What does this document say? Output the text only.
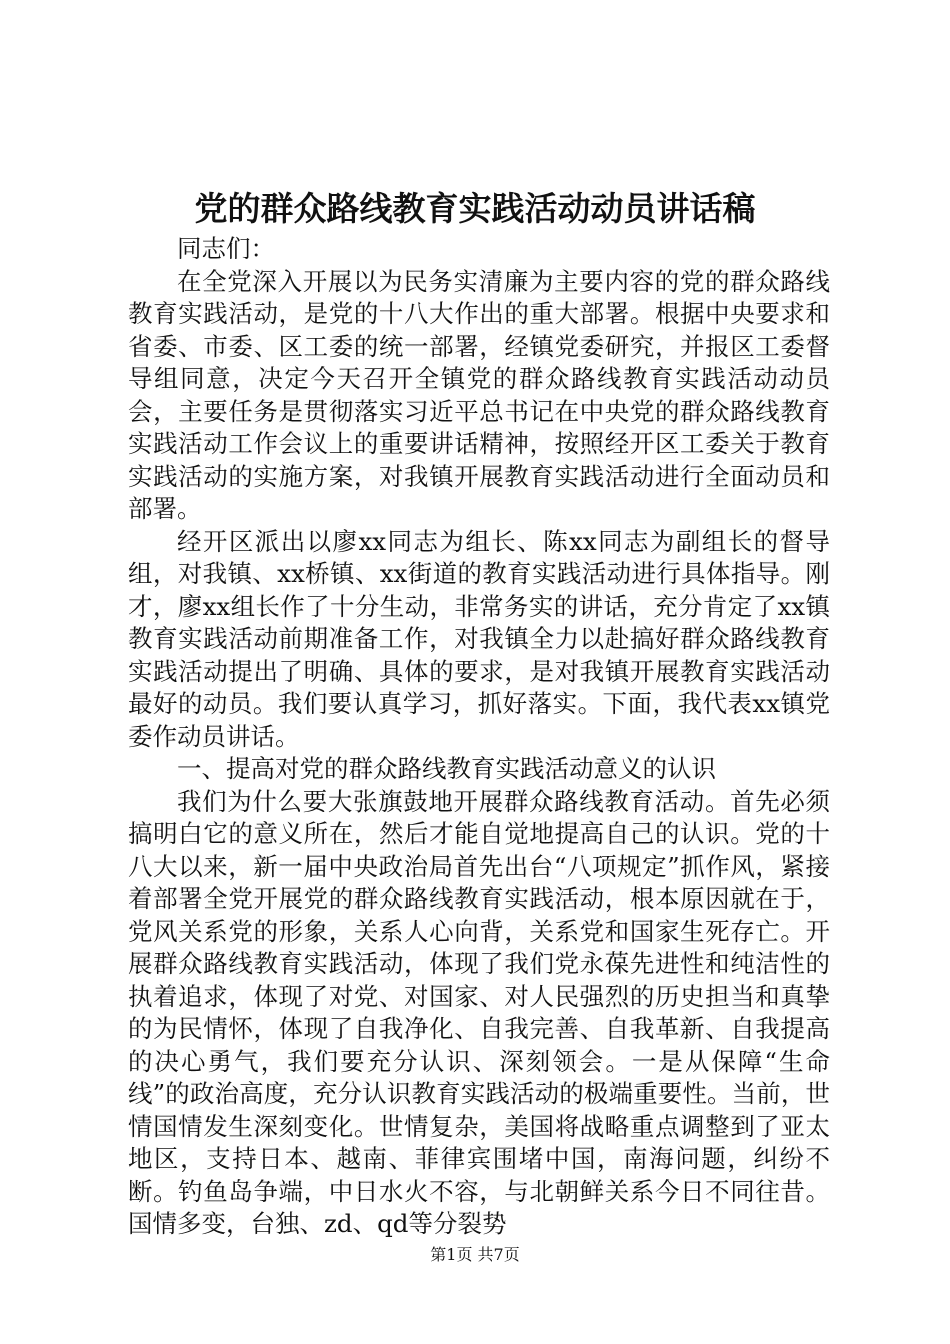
党的群众路线教育实践活动动员讲话稿

同志们：

在全党深入开展以为民务实清廉为主要内容的党的群众路线教育实践活动，是党的十八大作出的重大部署。根据中央要求和省委、市委、区工委的统一部署，经镇党委研究，并报区工委督导组同意，决定今天召开全镇党的群众路线教育实践活动动员会，主要任务是贯彻落实习近平总书记在中央党的群众路线教育实践活动工作会议上的重要讲话精神，按照经开区工委关于教育实践活动的实施方案，对我镇开展教育实践活动进行全面动员和部署。

经开区派出以廖xx同志为组长、陈xx同志为副组长的督导组，对我镇、xx桥镇、xx街道的教育实践活动进行具体指导。刚才，廖xx组长作了十分生动，非常务实的讲话，充分肯定了xx镇教育实践活动前期准备工作，对我镇全力以赴搞好群众路线教育实践活动提出了明确、具体的要求，是对我镇开展教育实践活动最好的动员。我们要认真学习，抓好落实。下面，我代表xx镇党委作动员讲话。

一、提高对党的群众路线教育实践活动意义的认识

我们为什么要大张旗鼓地开展群众路线教育活动。首先必须搞明白它的意义所在，然后才能自觉地提高自己的认识。党的十八大以来，新一届中央政治局首先出台“八项规定”抓作风，紧接着部署全党开展党的群众路线教育实践活动，根本原因就在于，党风关系党的形象，关系人心向背，关系党和国家生死存亡。开展群众路线教育实践活动，体现了我们党永葆先进性和纯洁性的执着追求，体现了对党、对国家、对人民强烈的历史担当和真挚的为民情怀，体现了自我净化、自我完善、自我革新、自我提高的决心勇气，我们要充分认识、深刻领会。一是从保障“生命线”的政治高度，充分认识教育实践活动的极端重要性。当前，世情国情发生深刻变化。世情复杂，美国将战略重点调整到了亚太地区，支持日本、越南、菲律宾围堵中国，南海问题，纠纷不断。钓鱼岛争端，中日水火不容，与北朝鲜关系今日不同往昔。国情多变，台独、zd、qd等分裂势

第1页 共7页
